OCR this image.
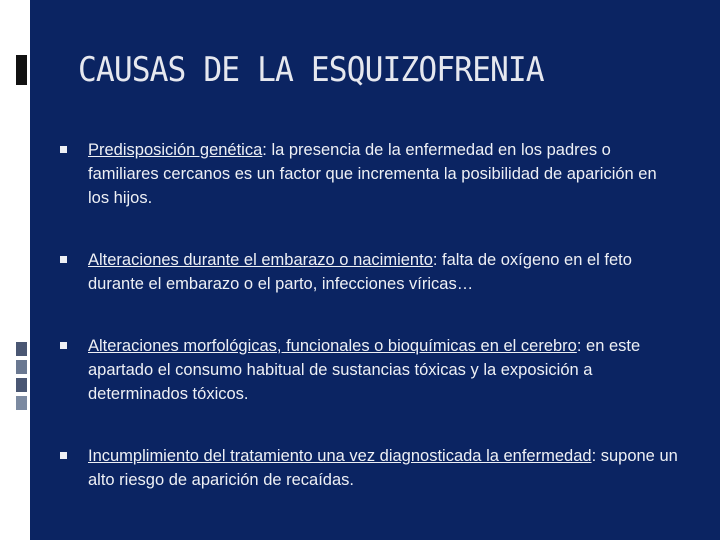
CAUSAS DE LA ESQUIZOFRENIA
Predisposición genética: la presencia de la enfermedad en los padres o familiares cercanos es un factor que incrementa la posibilidad de aparición en los hijos.
Alteraciones durante el embarazo o nacimiento: falta de oxígeno en el feto durante el embarazo o el parto, infecciones víricas…
Alteraciones morfológicas, funcionales o bioquímicas en el cerebro: en este apartado el consumo habitual de sustancias tóxicas y la exposición a determinados tóxicos.
Incumplimiento del tratamiento una vez diagnosticada la enfermedad: supone un alto riesgo de aparición de recaídas.
